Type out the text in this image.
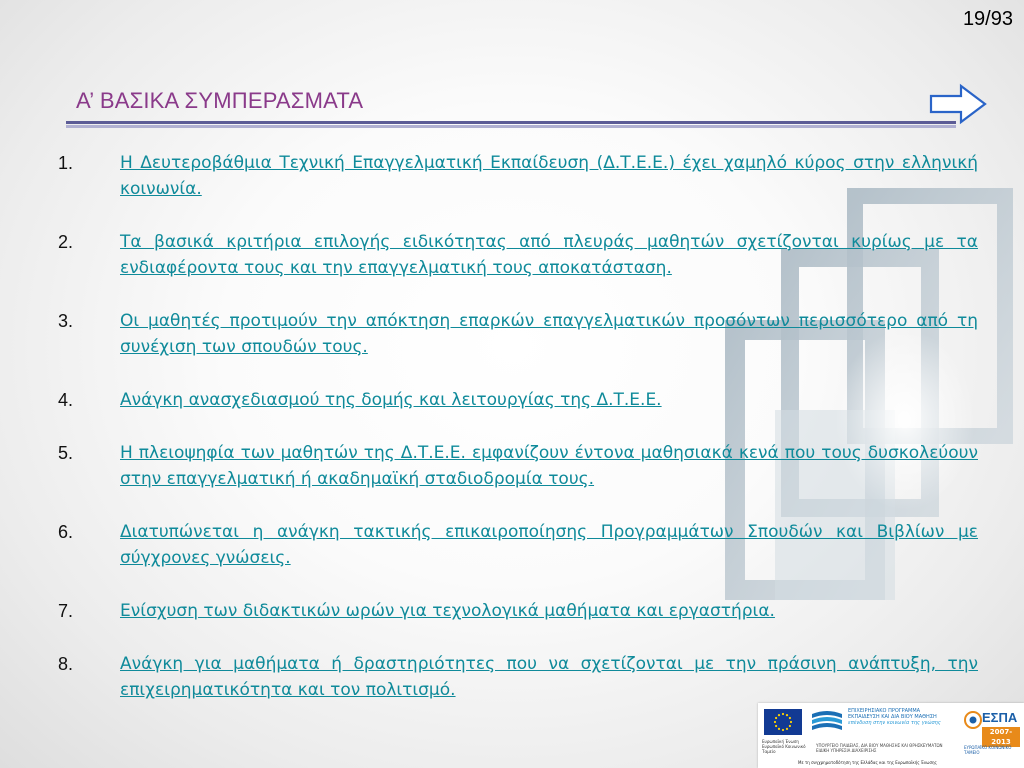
19/93
Α’ ΒΑΣΙΚΑ ΣΥΜΠΕΡΑΣΜΑΤΑ
1.	Η Δευτεροβάθμια Τεχνική Επαγγελματική Εκπαίδευση (Δ.Τ.Ε.Ε.) έχει χαμηλό κύρος στην ελληνική κοινωνία.
2.	Τα βασικά κριτήρια επιλογής ειδικότητας από πλευράς μαθητών σχετίζονται κυρίως με τα ενδιαφέροντα τους και την επαγγελματική τους αποκατάσταση.
3.	Οι μαθητές προτιμούν την απόκτηση επαρκών επαγγελματικών προσόντων περισσότερο από τη συνέχιση των σπουδών τους.
4.	Ανάγκη ανασχεδιασμού της δομής και λειτουργίας της Δ.Τ.Ε.Ε.
5.	Η πλειοψηφία των μαθητών της Δ.Τ.Ε.Ε. εμφανίζουν έντονα μαθησιακά κενά που τους δυσκολεύουν στην επαγγελματική ή ακαδημαϊκή σταδιοδρομία τους.
6.	Διατυπώνεται η ανάγκη τακτικής επικαιροποίησης Προγραμμάτων Σπουδών και Βιβλίων με σύγχρονες γνώσεις.
7.	Ενίσχυση των διδακτικών ωρών για τεχνολογικά μαθήματα και εργαστήρια.
8.	Ανάγκη για μαθήματα ή δραστηριότητες που να σχετίζονται με την πράσινη ανάπτυξη, την επιχειρηματικότητα και τον πολιτισμό.
Ευρωπαϊκή Ένωση Ευρωπαϊκό Κοινωνικό Ταμείο
ΕΠΙΧΕΙΡΗΣΙΑΚΟ ΠΡΟΓΡΑΜΜΑ ΕΚΠΑΙΔΕΥΣΗ ΚΑΙ ΔΙΑ ΒΙΟΥ ΜΑΘΗΣΗ
επένδυση στην κοινωνία της γνώσης
ΥΠΟΥΡΓΕΙΟ ΠΑΙΔΕΙΑΣ, ΔΙΑ ΒΙΟΥ ΜΑΘΗΣΗΣ ΚΑΙ ΘΡΗΣΚΕΥΜΑΤΩΝ ΕΙΔΙΚΗ ΥΠΗΡΕΣΙΑ ΔΙΑΧΕΙΡΙΣΗΣ
ΕΣΠΑ
2007-2013
ΕΥΡΩΠΑΪΚΟ ΚΟΙΝΩΝΙΚΟ ΤΑΜΕΙΟ
Με τη συγχρηματοδότηση της Ελλάδας και της Ευρωπαϊκής Ένωσης
